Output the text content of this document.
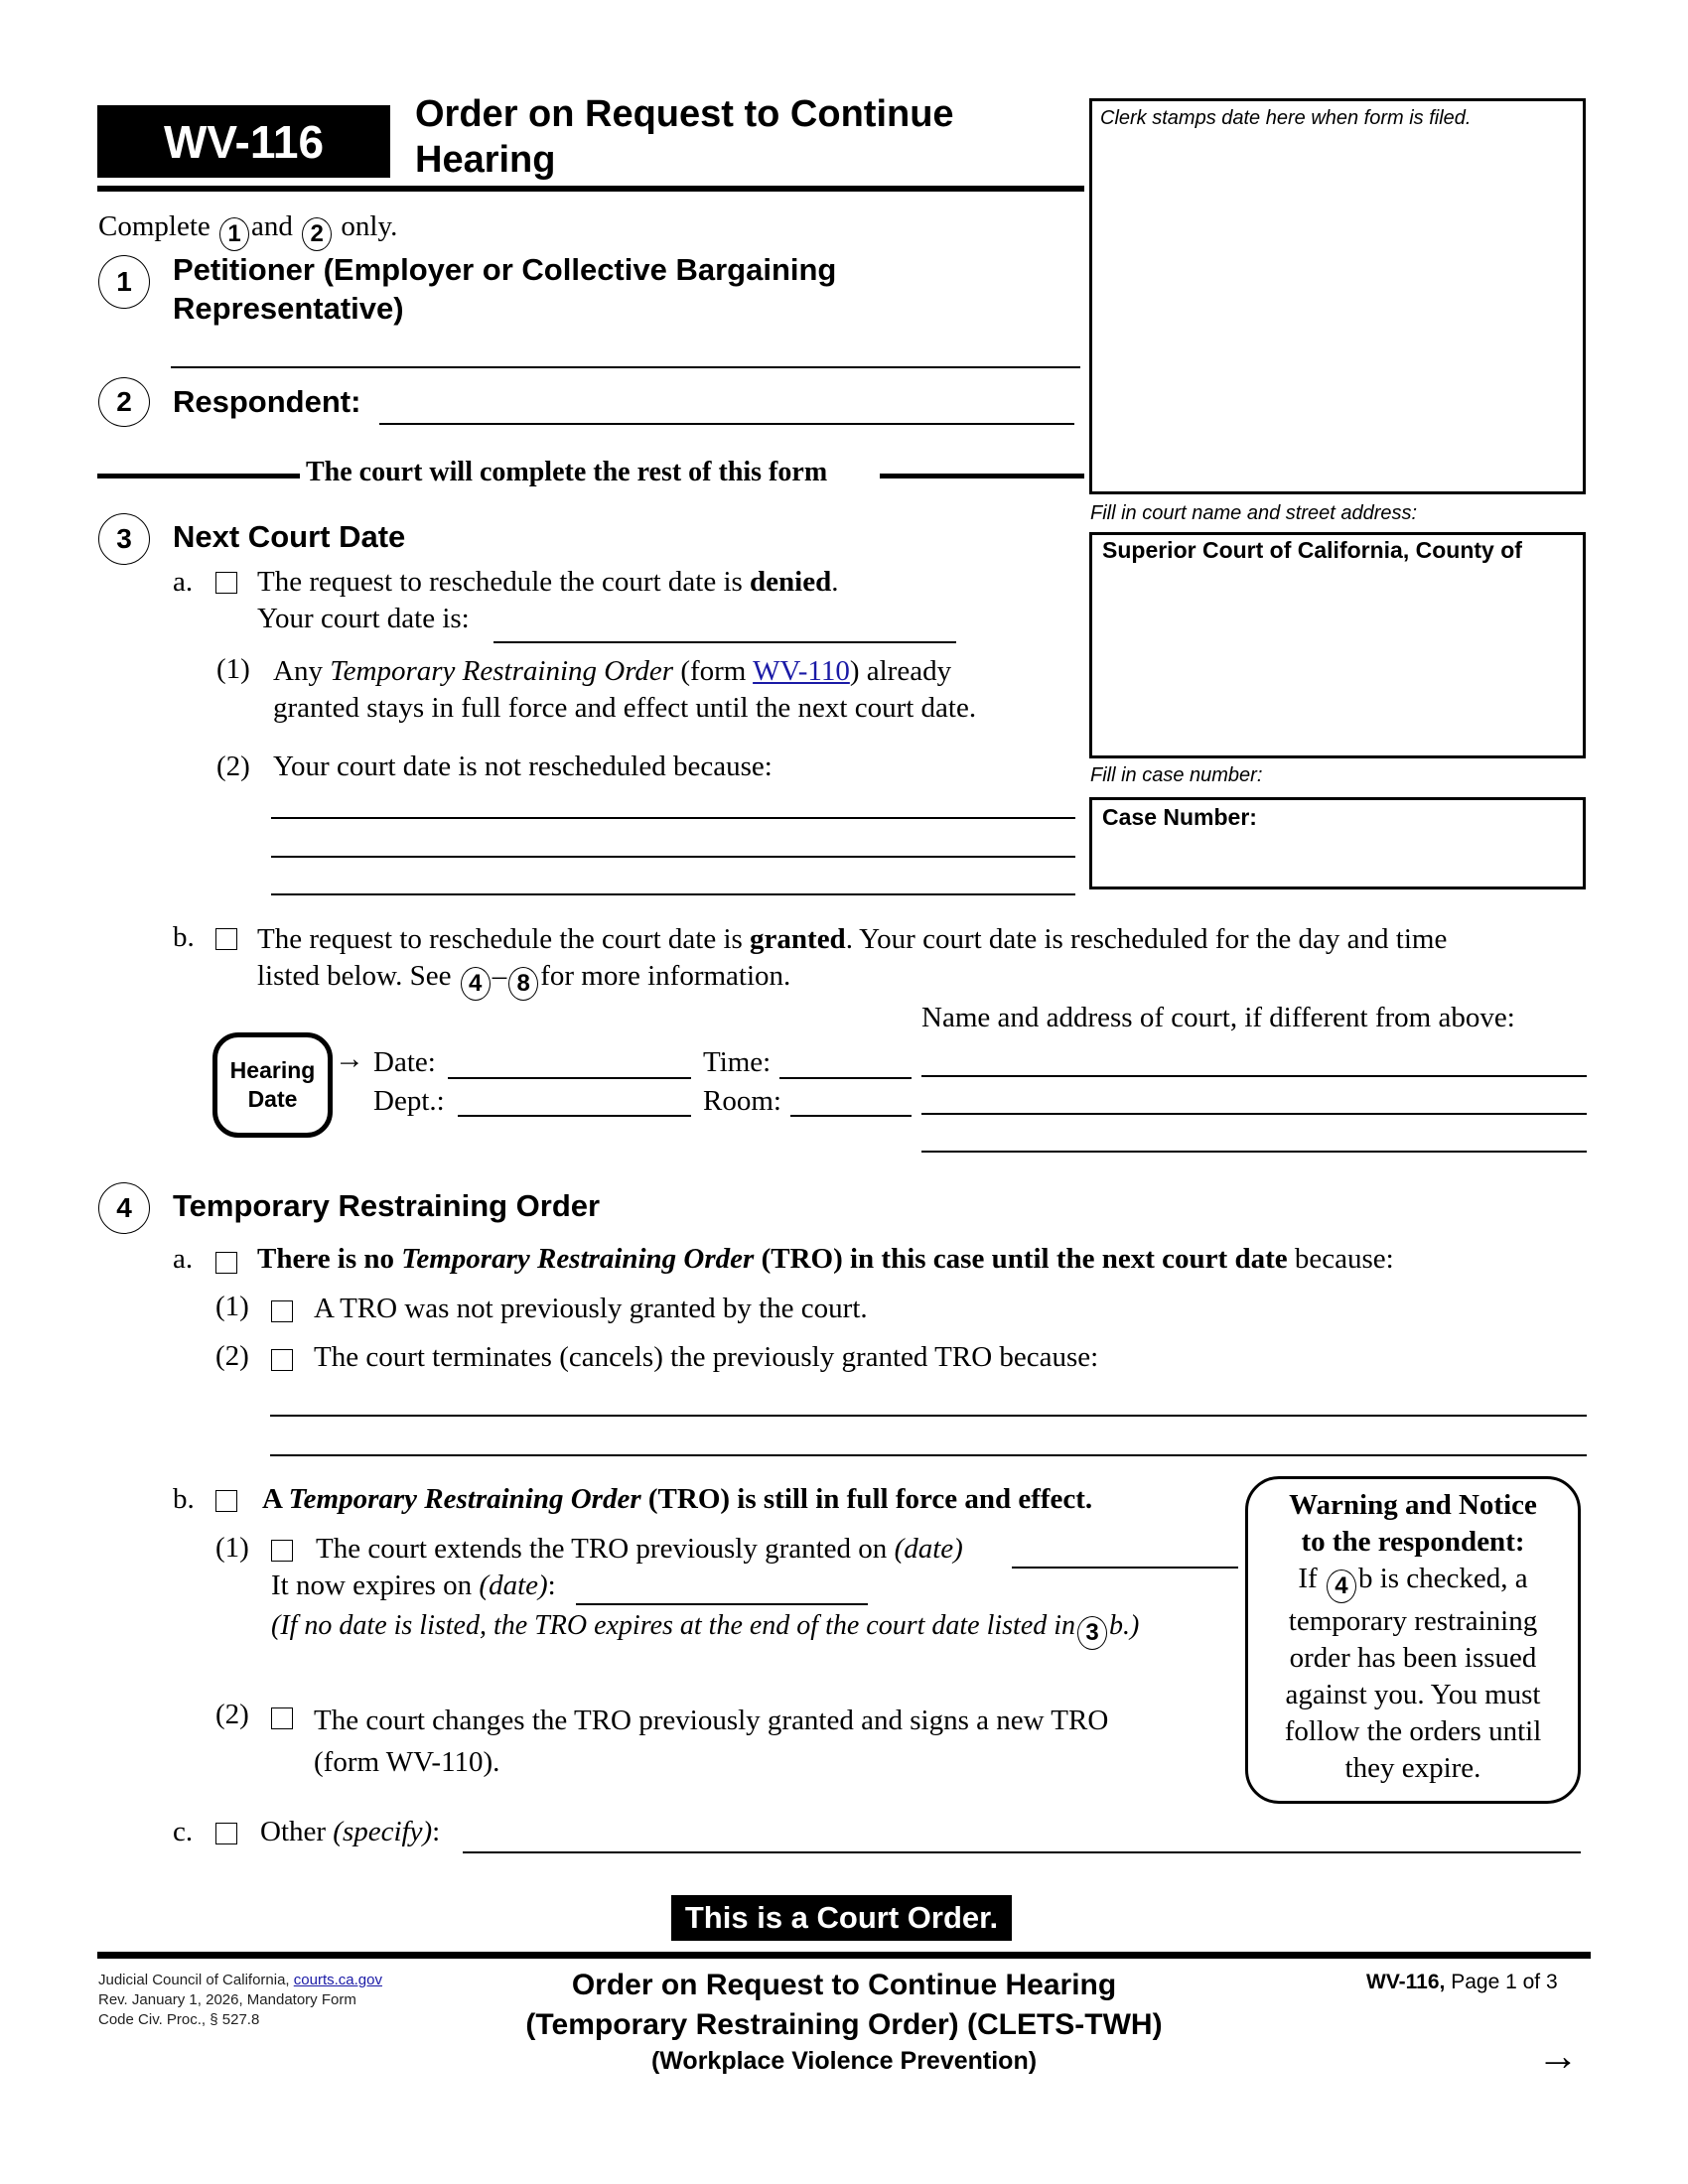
WV-116
Order on Request to Continue
Hearing
Clerk stamps date here when form is filed.
Fill in court name and street address:
Superior Court of California, County of
Fill in case number:
Case Number:
Complete 1 and 2 only.
1	Petitioner (Employer or Collective Bargaining
Representative)
2	Respondent:
The court will complete the rest of this form
3	Next Court Date
a. The request to reschedule the court date is denied.
Your court date is:
(1) Any Temporary Restraining Order (form WV-110) already
granted stays in full force and effect until the next court date.
(2) Your court date is not rescheduled because:
b. The request to reschedule the court date is granted. Your court date is rescheduled for the day and time
listed below. See 4 – 8 for more information.
Name and address of court, if different from above:
Hearing
Date
→ Date:	Time:
Dept.:	Room:
4	Temporary Restraining Order
a. There is no Temporary Restraining Order (TRO) in this case until the next court date because:
(1) A TRO was not previously granted by the court.
(2) The court terminates (cancels) the previously granted TRO because:
b. A Temporary Restraining Order (TRO) is still in full force and effect.
(1) The court extends the TRO previously granted on (date)
It now expires on (date):
(If no date is listed, the TRO expires at the end of the court date listed in 3 b.)
(2) The court changes the TRO previously granted and signs a new TRO
(form WV-110).
Warning and Notice
to the respondent:
If 4 b is checked, a
temporary restraining
order has been issued
against you. You must
follow the orders until
they expire.
c. Other (specify):
This is a Court Order.
Judicial Council of California, courts.ca.gov
Rev. January 1, 2026, Mandatory Form
Code Civ. Proc., § 527.8
Order on Request to Continue Hearing
(Temporary Restraining Order) (CLETS-TWH)
(Workplace Violence Prevention)
WV-116, Page 1 of 3
→
